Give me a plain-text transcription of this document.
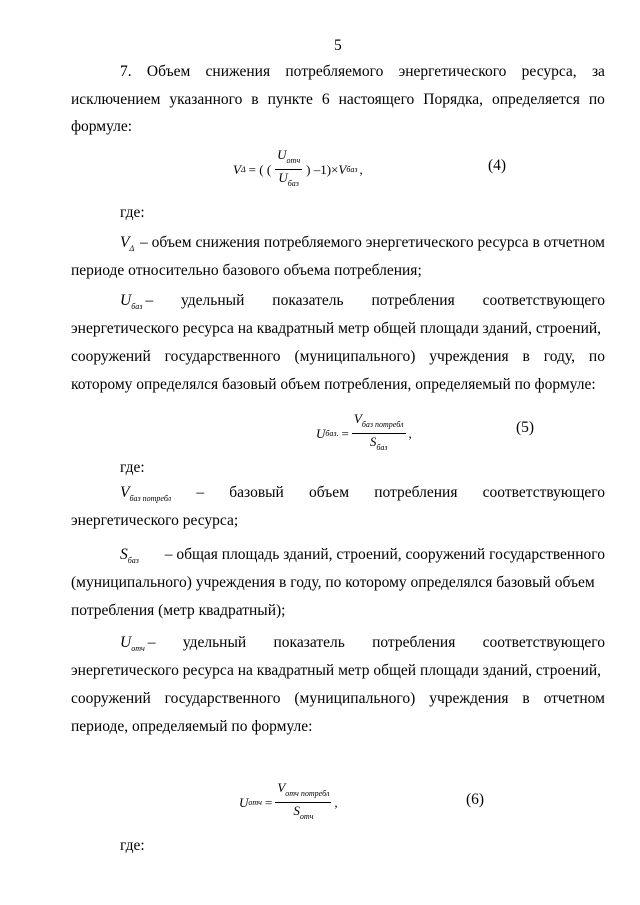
5
7. Объем снижения потребляемого энергетического ресурса, за
исключением указанного в пункте 6 настоящего Порядка, определяется по
формуле:
V Δ = ( ( $\frac{U_{отч}}{U_{баз}}$ ) –1)× V баз ,	(4)
где:
$V_\Delta$ – объем снижения потребляемого энергетического ресурса в отчетном
периоде относительно базового объема потребления;
$U_{баз}$ – удельный показатель потребления соответствующего
энергетического ресурса на квадратный метр общей площади зданий, строений,
сооружений государственного (муниципального) учреждения в году, по
которому определялся базовый объем потребления, определяемый по формуле:
U баз. = $\frac{V_{баз потребл}}{S_{баз}}$ ,	(5)
где:
$V_{баз потребл}$ – базовый объем потребления соответствующего
энергетического ресурса;
$S_{баз}$ – общая площадь зданий, строений, сооружений государственного
(муниципального) учреждения в году, по которому определялся базовый объем
потребления (метр квадратный);
$U_{отч}$ – удельный показатель потребления соответствующего
энергетического ресурса на квадратный метр общей площади зданий, строений,
сооружений государственного (муниципального) учреждения в отчетном
периоде, определяемый по формуле:
U отч = $\frac{V_{отч потребл}}{S_{отч}}$ ,	(6)
где:
